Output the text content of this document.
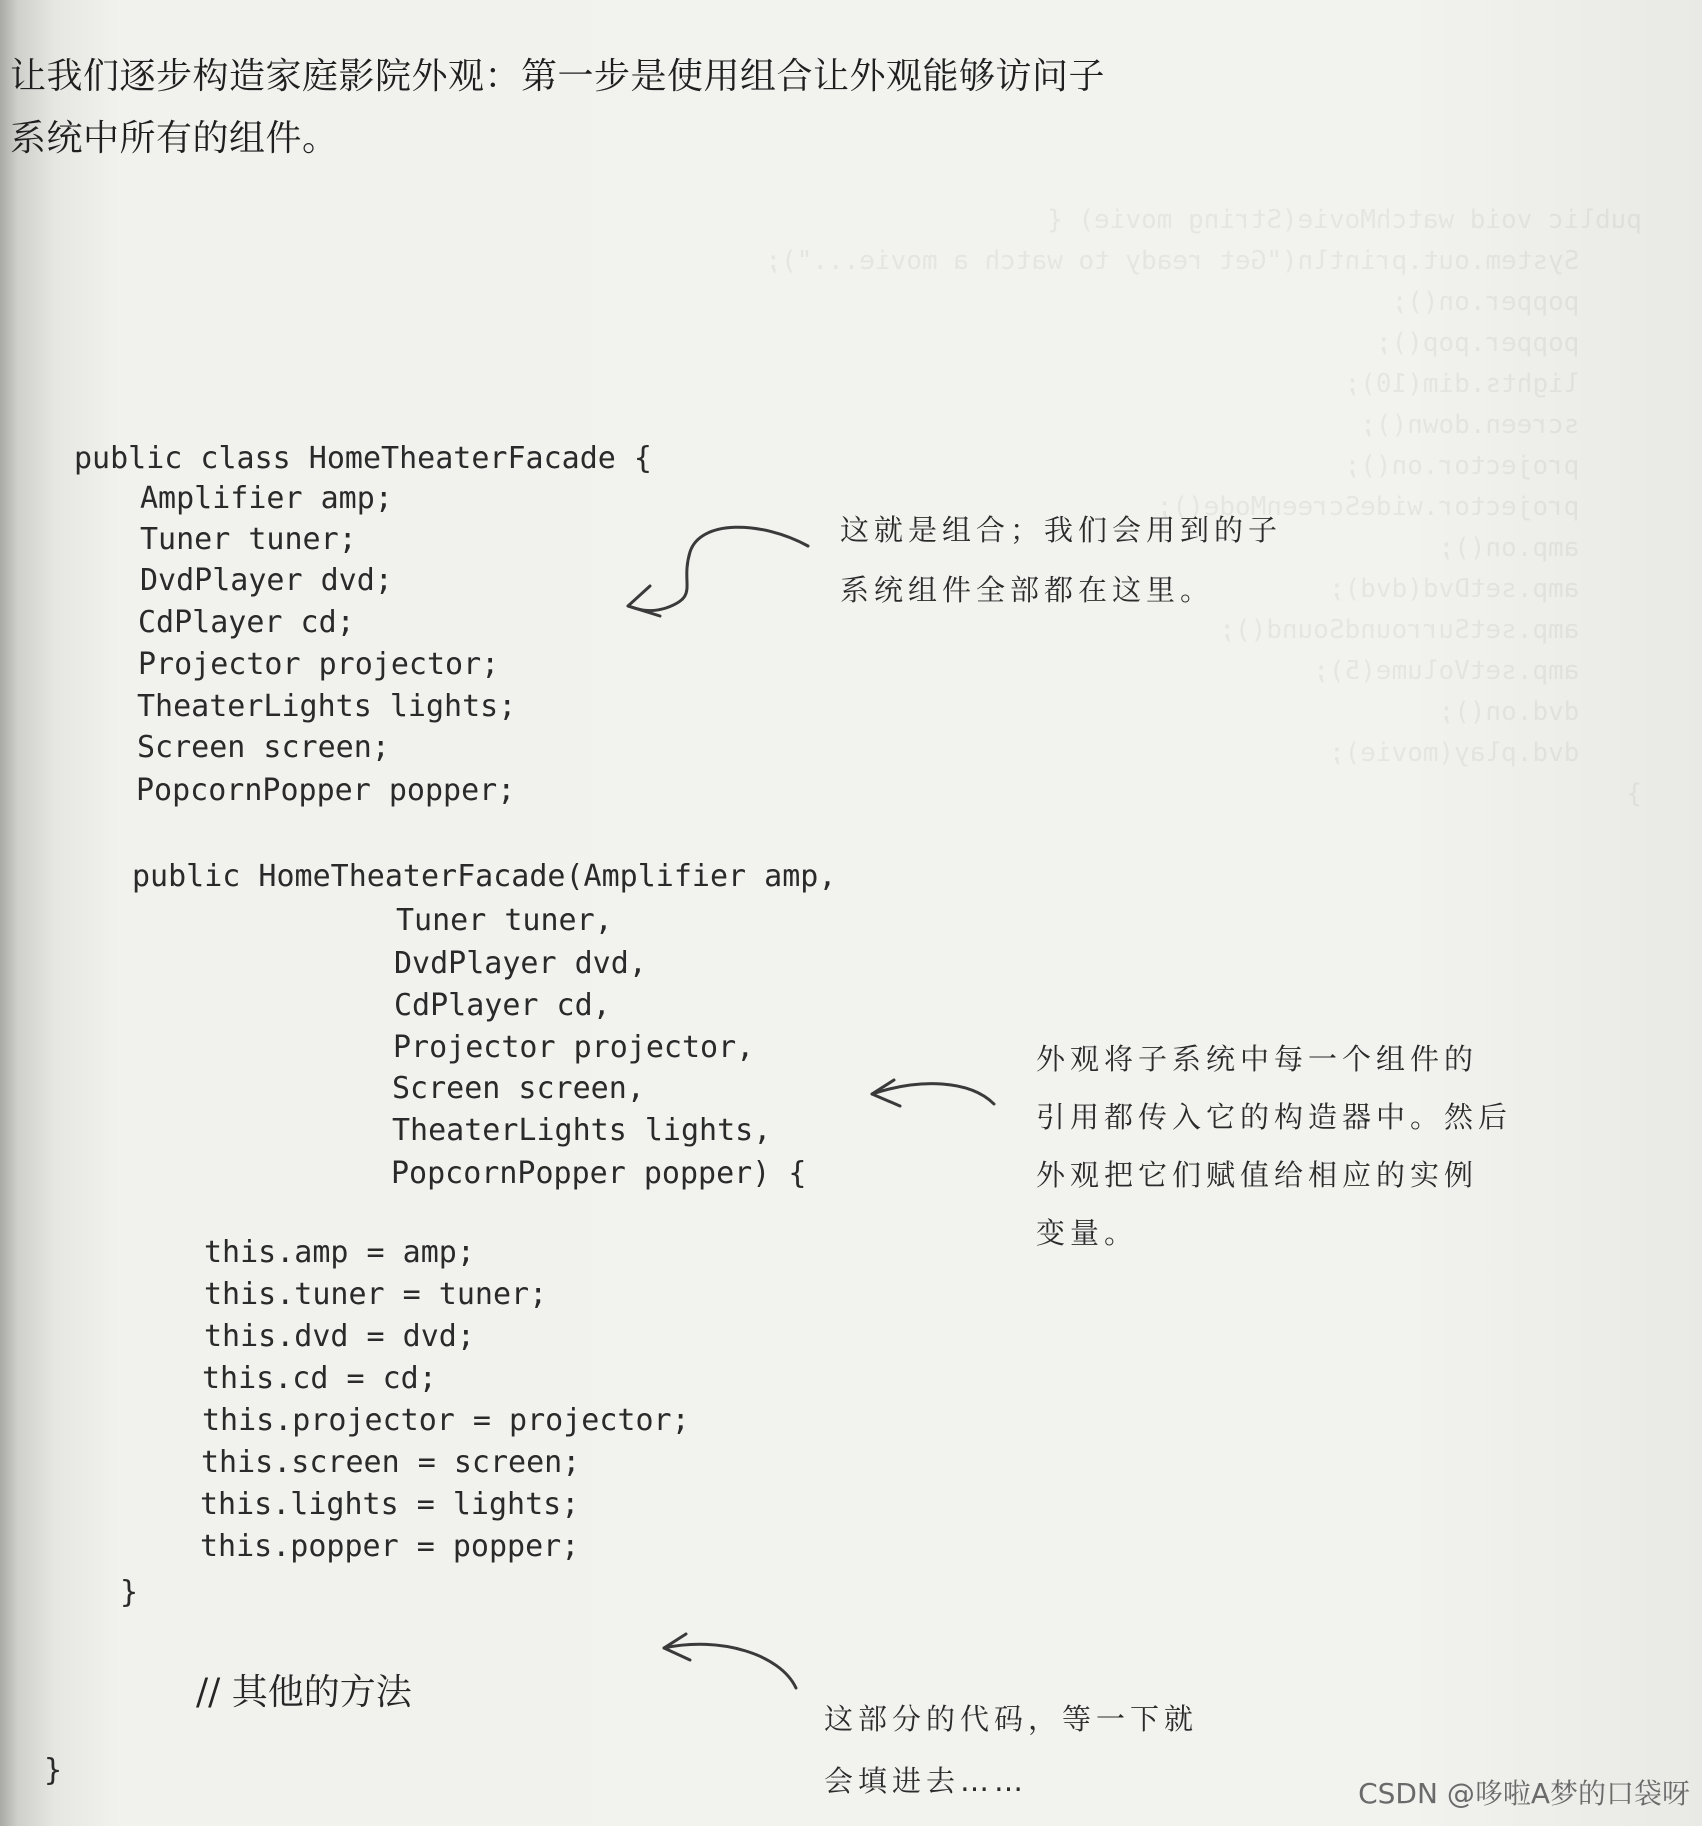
public void watchMovie(String movie) {
System.out.println("Get ready to watch a movie...");
popper.on();
popper.pop();
lights.dim(10);
screen.down();
projector.on();
projector.wideScreenMode();
amp.on();
amp.setDvd(dvd);
amp.setSurroundSound();
amp.setVolume(5);
dvd.on();
dvd.play(movie);
}

让我们逐步构造家庭影院外观：第一步是使用组合让外观能够访问子

系统中所有的组件。

public class HomeTheaterFacade {
Amplifier amp;
Tuner tuner;
DvdPlayer dvd;
CdPlayer cd;
Projector projector;
TheaterLights lights;
Screen screen;
PopcornPopper popper;
public HomeTheaterFacade(Amplifier amp,
Tuner tuner,
DvdPlayer dvd,
CdPlayer cd,
Projector projector,
Screen screen,
TheaterLights lights,
PopcornPopper popper) {
this.amp = amp;
this.tuner = tuner;
this.dvd = dvd;
this.cd = cd;
this.projector = projector;
this.screen = screen;
this.lights = lights;
this.popper = popper;
}
// 其他的方法
}

这就是组合；我们会用到的子

系统组件全部都在这里。

外观将子系统中每一个组件的

引用都传入它的构造器中。然后

外观把它们赋值给相应的实例

变量。

这部分的代码，等一下就

会填进去……	CSDN @哆啦A梦的口袋呀
